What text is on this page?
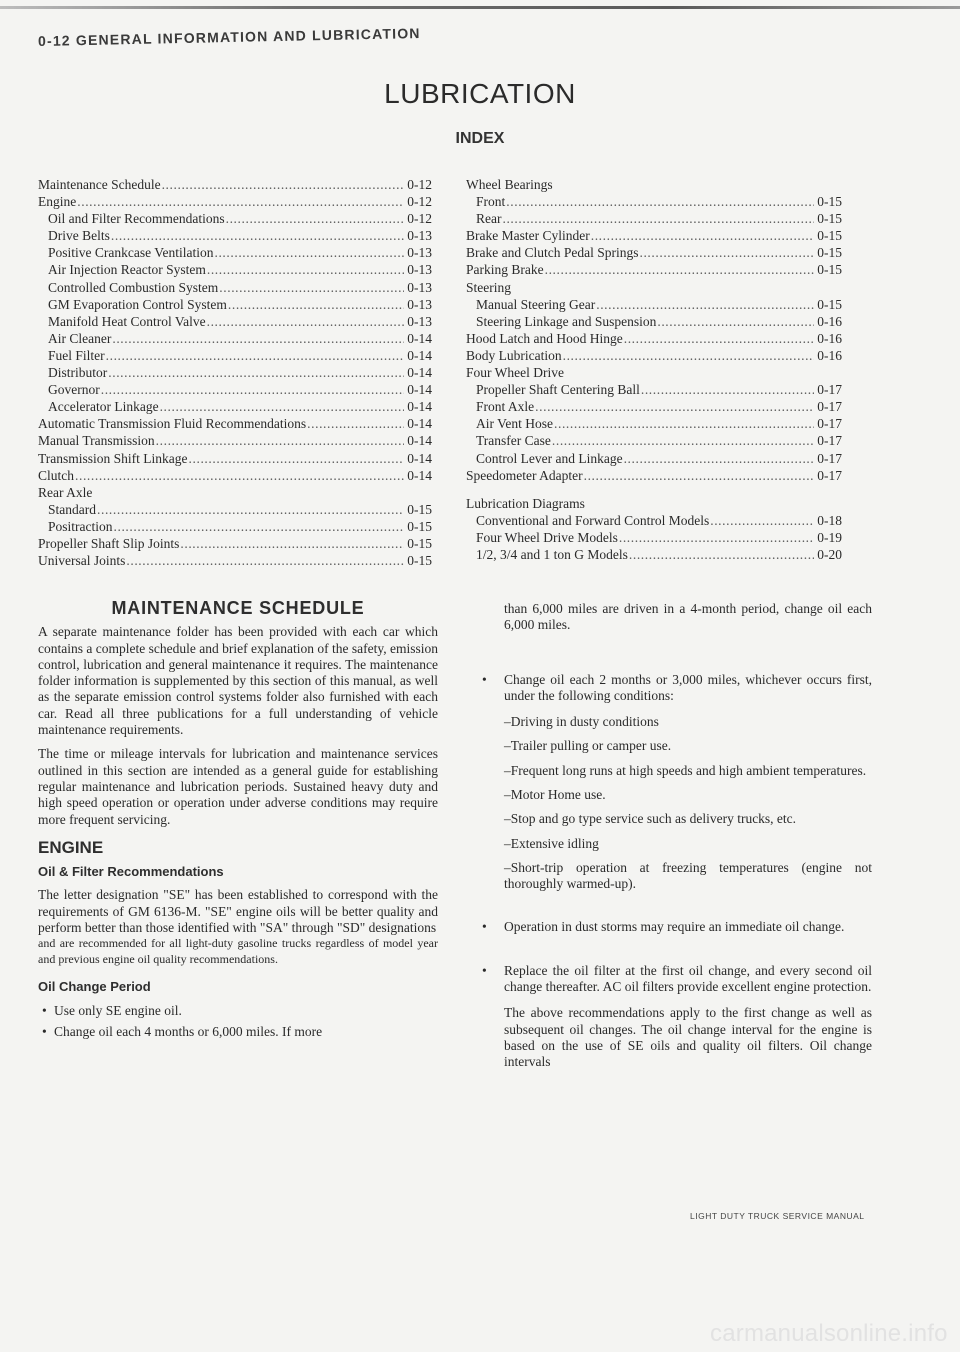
0-12 GENERAL INFORMATION AND LUBRICATION
LUBRICATION
INDEX
Maintenance Schedule .....	0-12
Engine .....	0-12
Oil and Filter Recommendations .....	0-12
Drive Belts .....	0-13
Positive Crankcase Ventilation .....	0-13
Air Injection Reactor System .....	0-13
Controlled Combustion System .....	0-13
GM Evaporation Control System .....	0-13
Manifold Heat Control Valve .....	0-13
Air Cleaner .....	0-14
Fuel Filter .....	0-14
Distributor .....	0-14
Governor .....	0-14
Accelerator Linkage .....	0-14
Automatic Transmission Fluid Recommendations .....	0-14
Manual Transmission .....	0-14
Transmission Shift Linkage .....	0-14
Clutch .....	0-14
Rear Axle
Standard .....	0-15
Positraction .....	0-15
Propeller Shaft Slip Joints .....	0-15
Universal Joints .....	0-15
Wheel Bearings
Front .....	0-15
Rear .....	0-15
Brake Master Cylinder .....	0-15
Brake and Clutch Pedal Springs .....	0-15
Parking Brake .....	0-15
Steering
Manual Steering Gear .....	0-15
Steering Linkage and Suspension .....	0-16
Hood Latch and Hood Hinge .....	0-16
Body Lubrication .....	0-16
Four Wheel Drive
Propeller Shaft Centering Ball .....	0-17
Front Axle .....	0-17
Air Vent Hose .....	0-17
Transfer Case .....	0-17
Control Lever and Linkage .....	0-17
Speedometer Adapter .....	0-17
Lubrication Diagrams
Conventional and Forward Control Models .....	0-18
Four Wheel Drive Models .....	0-19
1/2, 3/4 and 1 ton G Models .....	0-20
MAINTENANCE SCHEDULE

A separate maintenance folder has been provided with each car which contains a complete schedule and brief explanation of the safety, emission control, lubrication and general maintenance it requires. The maintenance folder information is supplemented by this section of this manual, as well as the separate emission control systems folder also furnished with each car. Read all three publications for a full understanding of vehicle maintenance requirements.

The time or mileage intervals for lubrication and maintenance services outlined in this section are intended as a general guide for establishing regular maintenance and lubrication periods. Sustained heavy duty and high speed operation or operation under adverse conditions may require more frequent servicing.

ENGINE
Oil & Filter Recommendations

The letter designation "SE" has been established to correspond with the requirements of GM 6136-M. "SE" engine oils will be better quality and perform better than those identified with "SA" through "SD" designations

and are recommended for all light-duty gasoline trucks regardless of model year and previous engine oil quality recommendations.

Oil Change Period
• Use only SE engine oil.
• Change oil each 4 months or 6,000 miles. If more

than 6,000 miles are driven in a 4-month period, change oil each 6,000 miles.

• Change oil each 2 months or 3,000 miles, whichever occurs first, under the following conditions:

–Driving in dusty conditions

–Trailer pulling or camper use.

–Frequent long runs at high speeds and high ambient temperatures.

–Motor Home use.

–Stop and go type service such as delivery trucks, etc.

–Extensive idling

–Short-trip operation at freezing temperatures (engine not thoroughly warmed-up).

• Operation in dust storms may require an immediate oil change.
• Replace the oil filter at the first oil change, and every second oil change thereafter. AC oil filters provide excellent engine protection.

The above recommendations apply to the first change as well as subsequent oil changes. The oil change interval for the engine is based on the use of SE oils and quality oil filters. Oil change intervals

LIGHT DUTY TRUCK SERVICE MANUAL
carmanualsonline.info
